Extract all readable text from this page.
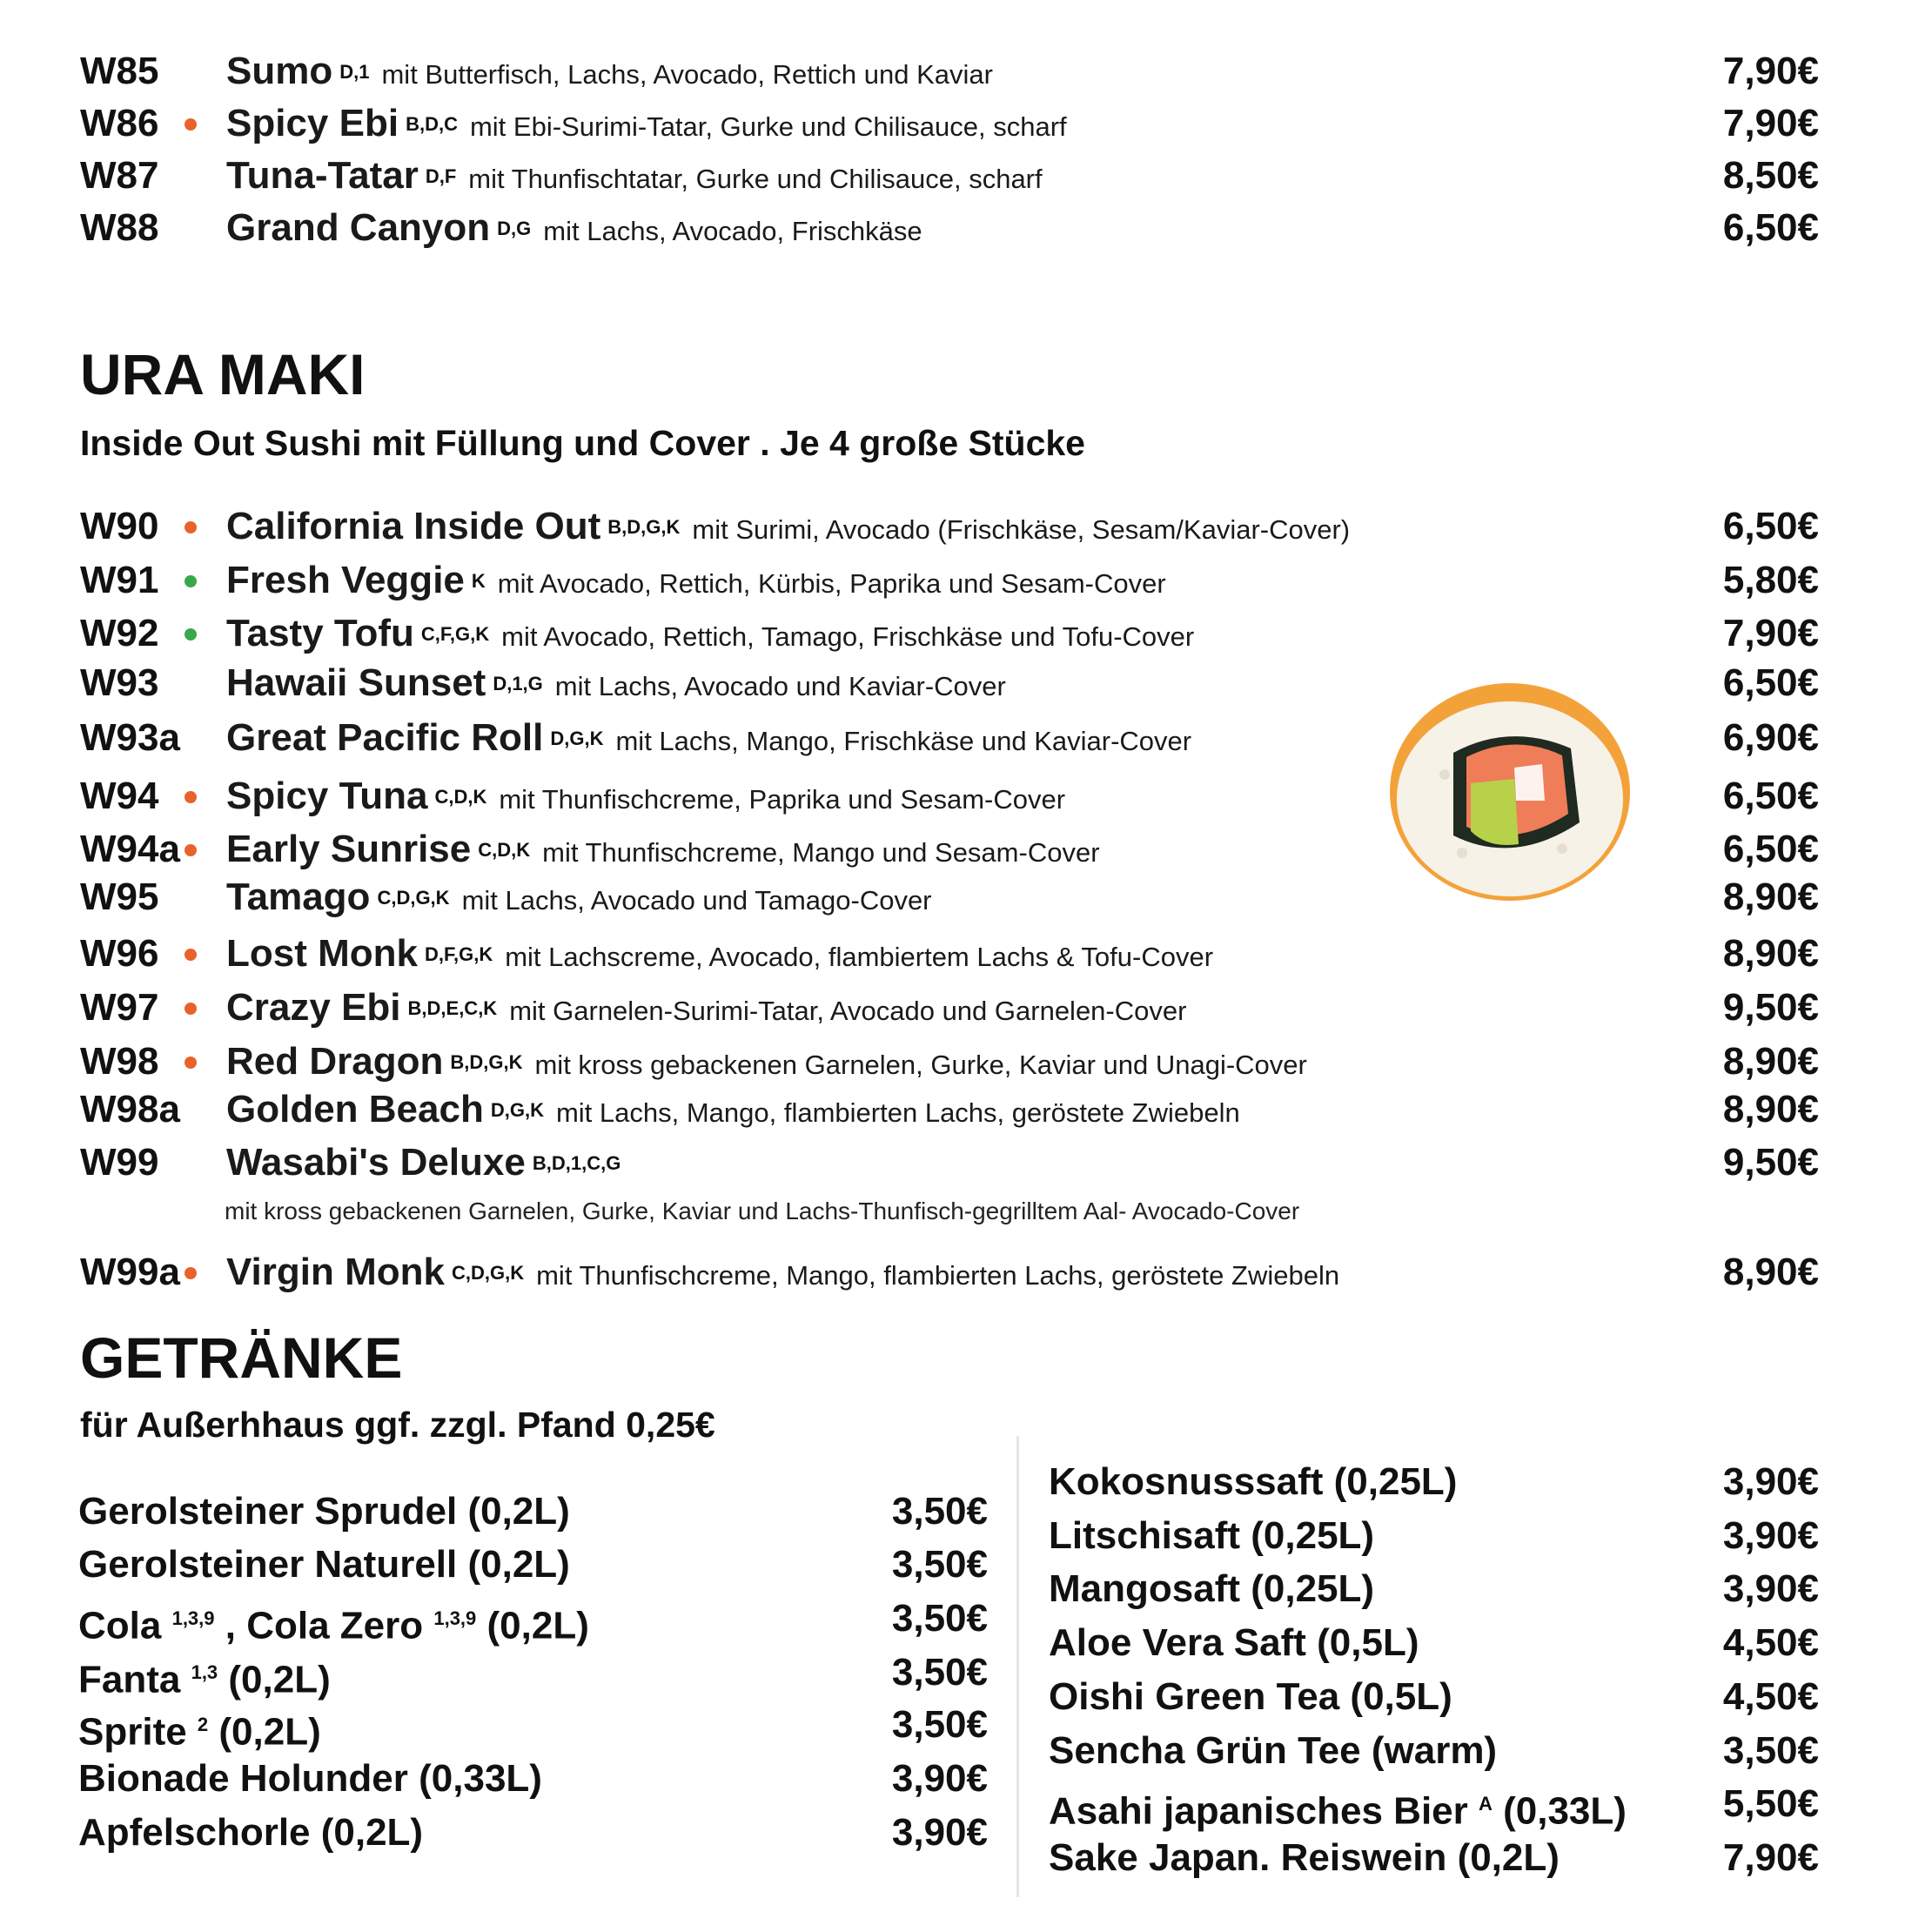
W85 Sumo D,1 mit Butterfisch, Lachs, Avocado, Rettich und Kaviar	7,90€
W86 Spicy Ebi B,D,C mit Ebi-Surimi-Tatar, Gurke und Chilisauce, scharf	7,90€
W87 Tuna-Tatar D,F mit Thunfischtatar, Gurke und Chilisauce, scharf	8,50€
W88 Grand Canyon D,G mit Lachs, Avocado, Frischkäse	6,50€
URA MAKI
Inside Out Sushi mit Füllung und Cover . Je 4 große Stücke
W90 California Inside Out B,D,G,K mit Surimi, Avocado (Frischkäse, Sesam/Kaviar-Cover)	6,50€
W91 Fresh Veggie K mit Avocado, Rettich, Kürbis, Paprika und Sesam-Cover	5,80€
W92 Tasty Tofu C,F,G,K mit Avocado, Rettich, Tamago, Frischkäse und Tofu-Cover	7,90€
W93 Hawaii Sunset D,1,G mit Lachs, Avocado und Kaviar-Cover	6,50€
W93a Great Pacific Roll D,G,K mit Lachs, Mango, Frischkäse und Kaviar-Cover	6,90€
W94 Spicy Tuna C,D,K mit Thunfischcreme, Paprika und Sesam-Cover	6,50€
W94a Early Sunrise C,D,K mit Thunfischcreme, Mango und Sesam-Cover	6,50€
W95 Tamago C,D,G,K mit Lachs, Avocado und Tamago-Cover	8,90€
W96 Lost Monk D,F,G,K mit Lachscreme, Avocado, flambiertem Lachs & Tofu-Cover	8,90€
W97 Crazy Ebi B,D,E,C,K mit Garnelen-Surimi-Tatar, Avocado und Garnelen-Cover	9,50€
W98 Red Dragon B,D,G,K mit kross gebackenen Garnelen, Gurke, Kaviar und Unagi-Cover	8,90€
W98a Golden Beach D,G,K mit Lachs, Mango, flambierten Lachs, geröstete Zwiebeln	8,90€
W99 Wasabi's Deluxe B,D,1,C,G	9,50€
mit kross gebackenen Garnelen, Gurke, Kaviar und Lachs-Thunfisch-gegrilltem Aal- Avocado-Cover
W99a Virgin Monk C,D,G,K mit Thunfischcreme, Mango, flambierten Lachs, geröstete Zwiebeln	8,90€
GETRÄNKE
für Außerhhaus ggf. zzgl. Pfand 0,25€
Gerolsteiner Sprudel (0,2L)	3,50€
Gerolsteiner Naturell (0,2L)	3,50€
Cola $^{1,3,9}$ , Cola Zero $^{1,3,9}$ (0,2L)	3,50€
Fanta $^{1,3}$ (0,2L)	3,50€
Sprite $^2$ (0,2L)	3,50€
Bionade Holunder (0,33L)	3,90€
Apfelschorle (0,2L)	3,90€
Kokosnusssaft (0,25L)	3,90€
Litschisaft (0,25L)	3,90€
Mangosaft (0,25L)	3,90€
Aloe Vera Saft (0,5L)	4,50€
Oishi Green Tea (0,5L)	4,50€
Sencha Grün Tee (warm)	3,50€
Asahi japanisches Bier $^A$ (0,33L)	5,50€
Sake Japan. Reiswein (0,2L)	7,90€
